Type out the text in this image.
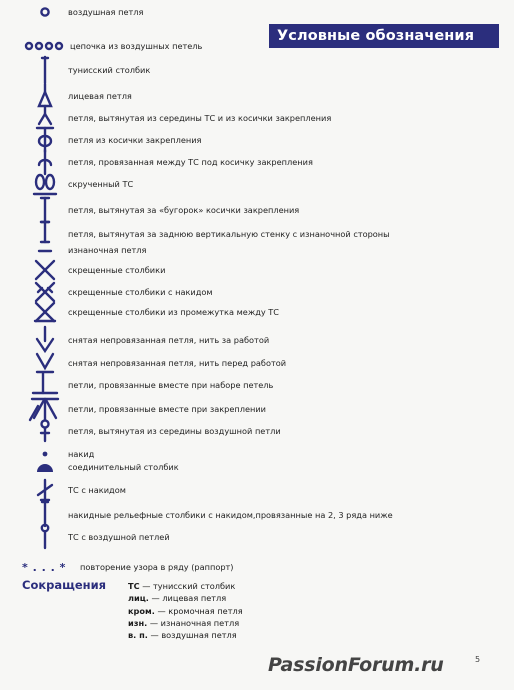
Условные обозначения
воздушная петля
цепочка из воздушных петель
тунисский столбик
лицевая петля
петля, вытянутая из середины ТС и из косички закрепления
петля из косички закрепления
петля, провязанная между ТС под косичку закрепления
скрученный ТС
петля, вытянутая за «бугорок» косички закрепления
петля, вытянутая за заднюю вертикальную стенку с изнаночной стороны
изнаночная петля
скрещенные столбики
скрещенные столбики с накидом
скрещенные столбики из промежутка между ТС
снятая непровязанная петля, нить за работой
снятая непровязанная петля, нить перед работой
петли, провязанные вместе при наборе петель
петли, провязанные вместе при закреплении
петля, вытянутая из середины воздушной петли
накид
соединительный столбик
ТС с накидом
накидные рельефные столбики с накидом,провязанные на 2, 3 ряда ниже
ТС с воздушной петлей
* . . . *	повторение узора в ряду (раппорт)
Сокращения	ТС — тунисский столбик
лиц. — лицевая петля
кром. — кромочная петля
изн. — изнаночная петля
в. п. — воздушная петля
PassionForum.ru	5
